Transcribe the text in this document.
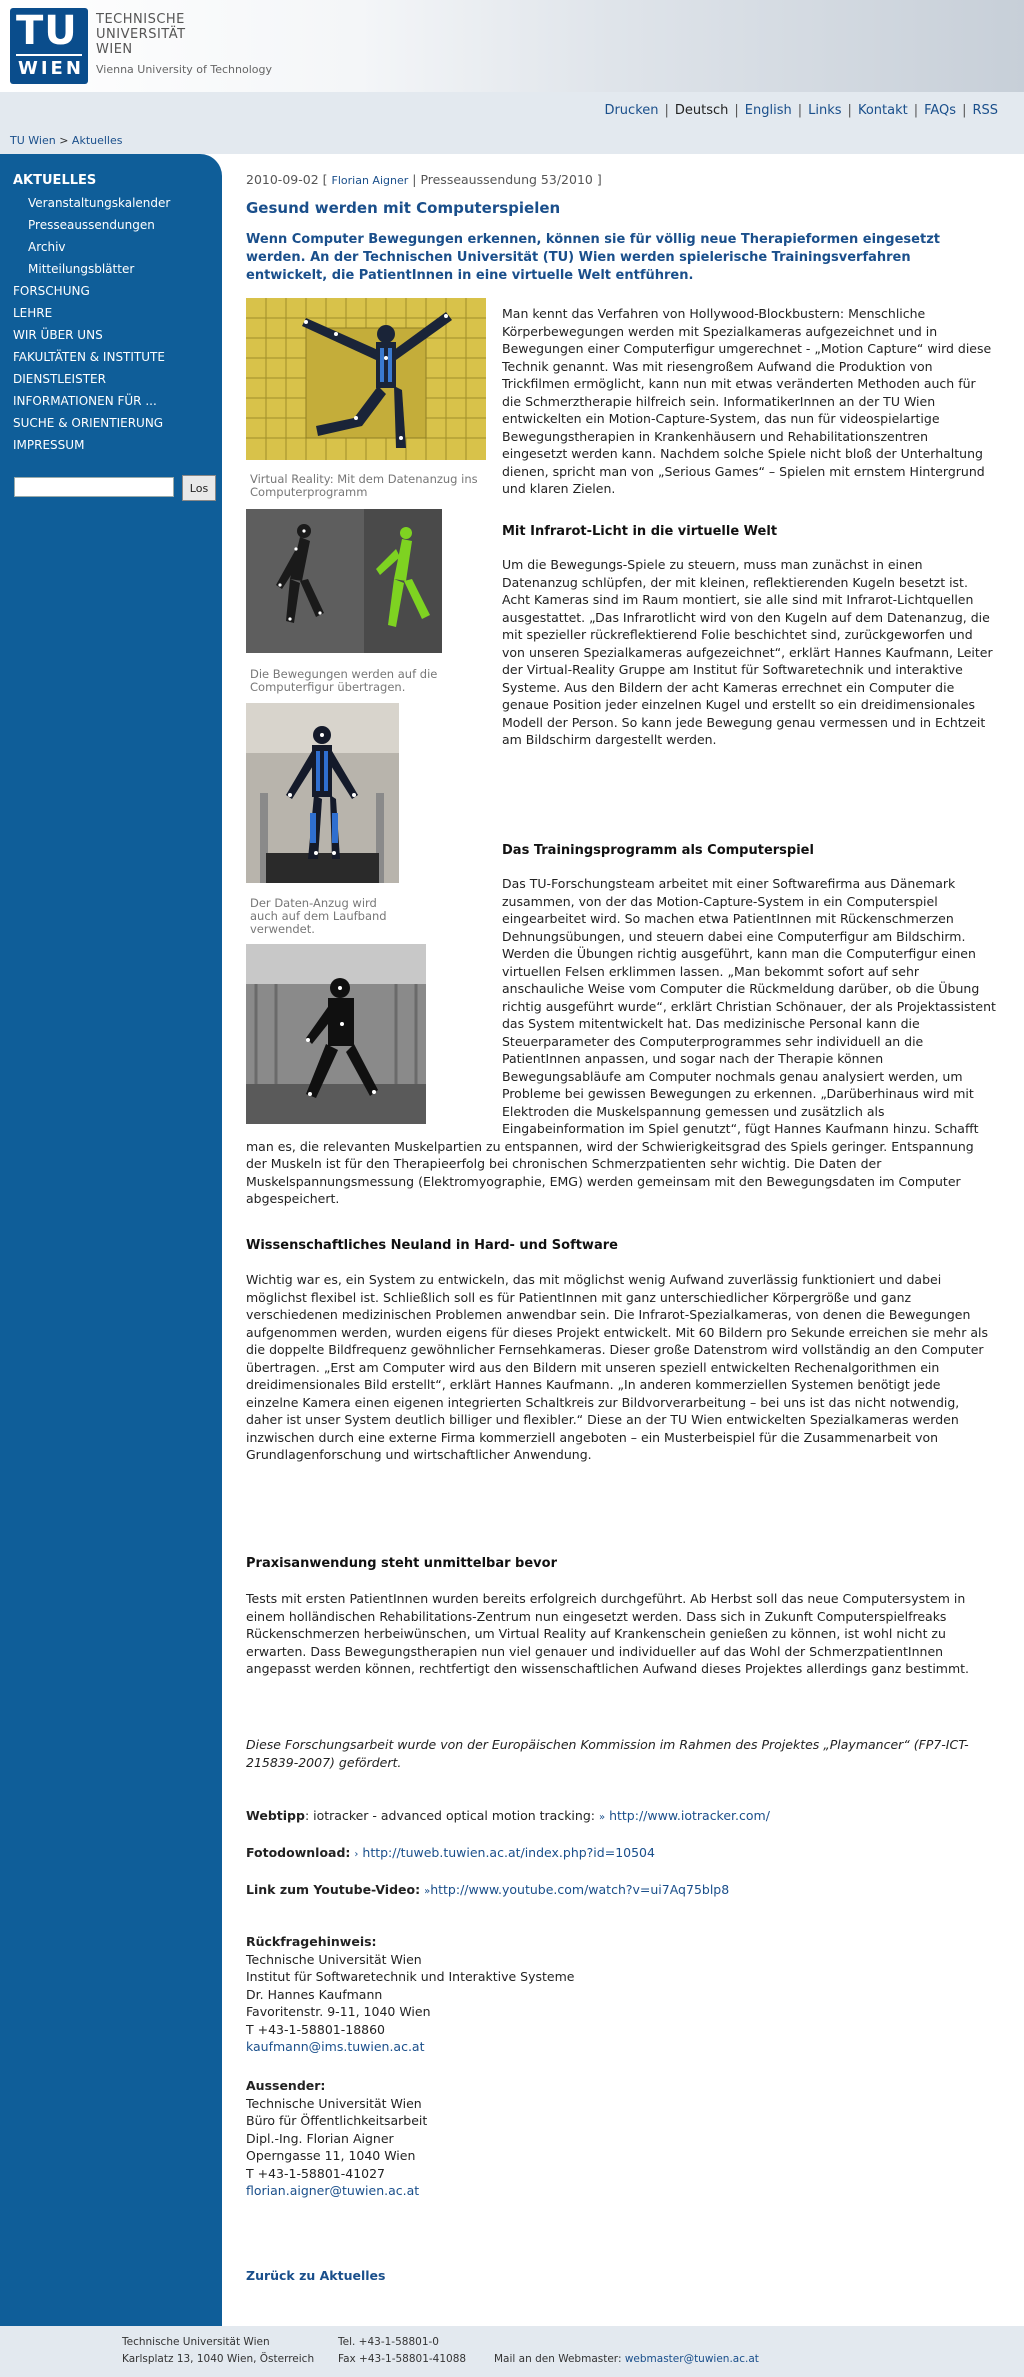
TU
WIEN
TECHNISCHE
UNIVERSITÄT
WIEN
Vienna University of Technology
Drucken | Deutsch | English | Links | Kontakt | FAQs | RSS
TU Wien > Aktuelles
AKTUELLES
Veranstaltungskalender
Presseaussendungen
Archiv
Mitteilungsblätter
FORSCHUNG
LEHRE
WIR ÜBER UNS
FAKULTÄTEN & INSTITUTE
DIENSTLEISTER
INFORMATIONEN FÜR ...
SUCHE & ORIENTIERUNG
IMPRESSUM
Los
2010-09-02 [ Florian Aigner | Presseaussendung 53/2010 ]
Gesund werden mit Computerspielen

Wenn Computer Bewegungen erkennen, können sie für völlig neue Therapieformen eingesetzt werden. An der Technischen Universität (TU) Wien werden spielerische Trainingsverfahren entwickelt, die PatientInnen in eine virtuelle Welt entführen.

Virtual Reality: Mit dem Datenanzug ins Computerprogramm
Die Bewegungen werden auf die Computerfigur übertragen.
Der Daten-Anzug wird auch auf dem Laufband verwendet.

Man kennt das Verfahren von Hollywood-Blockbustern: Menschliche Körperbewegungen werden mit Spezialkameras aufgezeichnet und in Bewegungen einer Computerfigur umgerechnet - „Motion Capture“ wird diese Technik genannt. Was mit riesengroßem Aufwand die Produktion von Trickfilmen ermöglicht, kann nun mit etwas veränderten Methoden auch für die Schmerztherapie hilfreich sein. InformatikerInnen an der TU Wien entwickelten ein Motion-Capture-System, das nun für videospielartige Bewegungstherapien in Krankenhäusern und Rehabilitationszentren eingesetzt werden kann. Nachdem solche Spiele nicht bloß der Unterhaltung dienen, spricht man von „Serious Games“ – Spielen mit ernstem Hintergrund und klaren Zielen.

Mit Infrarot-Licht in die virtuelle Welt

Um die Bewegungs-Spiele zu steuern, muss man zunächst in einen Datenanzug schlüpfen, der mit kleinen, reflektierenden Kugeln besetzt ist. Acht Kameras sind im Raum montiert, sie alle sind mit Infrarot-Lichtquellen ausgestattet. „Das Infrarotlicht wird von den Kugeln auf dem Datenanzug, die mit spezieller rückreflektierend Folie beschichtet sind, zurückgeworfen und von unseren Spezialkameras aufgezeichnet“, erklärt Hannes Kaufmann, Leiter der Virtual-Reality Gruppe am Institut für Softwaretechnik und interaktive Systeme. Aus den Bildern der acht Kameras errechnet ein Computer die genaue Position jeder einzelnen Kugel und erstellt so ein dreidimensionales Modell der Person. So kann jede Bewegung genau vermessen und in Echtzeit am Bildschirm dargestellt werden.

Das Trainingsprogramm als Computerspiel
Das TU-Forschungsteam arbeitet mit einer Softwarefirma aus Dänemark zusammen, von der das Motion-Capture-System in ein Computerspiel eingearbeitet wird. So machen etwa PatientInnen mit Rückenschmerzen Dehnungsübungen, und steuern dabei eine Computerfigur am Bildschirm. Werden die Übungen richtig ausgeführt, kann man die Computerfigur einen virtuellen Felsen erklimmen lassen. „Man bekommt sofort auf sehr anschauliche Weise vom Computer die Rückmeldung darüber, ob die Übung richtig ausgeführt wurde“, erklärt Christian Schönauer, der als Projektassistent das System mitentwickelt hat. Das medizinische Personal kann die Steuerparameter des Computerprogrammes sehr individuell an die PatientInnen anpassen, und sogar nach der Therapie können Bewegungsabläufe am Computer nochmals genau analysiert werden, um Probleme bei gewissen Bewegungen zu erkennen. „Darüberhinaus wird mit Elektroden die Muskelspannung gemessen und zusätzlich als Eingabeinformation im Spiel genutzt“, fügt Hannes Kaufmann hinzu. Schafft man es, die relevanten Muskelpartien zu entspannen, wird der Schwierigkeitsgrad des Spiels geringer. Entspannung der Muskeln ist für den Therapieerfolg bei chronischen Schmerzpatienten sehr wichtig. Die Daten der Muskelspannungsmessung (Elektromyographie, EMG) werden gemeinsam mit den Bewegungsdaten im Computer abgespeichert.
Wissenschaftliches Neuland in Hard- und Software

Wichtig war es, ein System zu entwickeln, das mit möglichst wenig Aufwand zuverlässig funktioniert und dabei möglichst flexibel ist. Schließlich soll es für PatientInnen mit ganz unterschiedlicher Körpergröße und ganz verschiedenen medizinischen Problemen anwendbar sein. Die Infrarot-Spezialkameras, von denen die Bewegungen aufgenommen werden, wurden eigens für dieses Projekt entwickelt. Mit 60 Bildern pro Sekunde erreichen sie mehr als die doppelte Bildfrequenz gewöhnlicher Fernsehkameras. Dieser große Datenstrom wird vollständig an den Computer übertragen. „Erst am Computer wird aus den Bildern mit unseren speziell entwickelten Rechenalgorithmen ein dreidimensionales Bild erstellt“, erklärt Hannes Kaufmann. „In anderen kommerziellen Systemen benötigt jede einzelne Kamera einen eigenen integrierten Schaltkreis zur Bildvorverarbeitung – bei uns ist das nicht notwendig, daher ist unser System deutlich billiger und flexibler.“ Diese an der TU Wien entwickelten Spezialkameras werden inzwischen durch eine externe Firma kommerziell angeboten – ein Musterbeispiel für die Zusammenarbeit von Grundlagenforschung und wirtschaftlicher Anwendung.

Praxisanwendung steht unmittelbar bevor

Tests mit ersten PatientInnen wurden bereits erfolgreich durchgeführt. Ab Herbst soll das neue Computersystem in einem holländischen Rehabilitations-Zentrum nun eingesetzt werden. Dass sich in Zukunft Computerspielfreaks Rückenschmerzen herbeiwünschen, um Virtual Reality auf Krankenschein genießen zu können, ist wohl nicht zu erwarten. Dass Bewegungstherapien nun viel genauer und individueller auf das Wohl der SchmerzpatientInnen angepasst werden können, rechtfertigt den wissenschaftlichen Aufwand dieses Projektes allerdings ganz bestimmt.

Diese Forschungsarbeit wurde von der Europäischen Kommission im Rahmen des Projektes „Playmancer“ (FP7-ICT-215839-2007) gefördert.

Webtipp: iotracker - advanced optical motion tracking: » http://www.iotracker.com/
Fotodownload: › http://tuweb.tuwien.ac.at/index.php?id=10504
Link zum Youtube-Video: »http://www.youtube.com/watch?v=ui7Aq75blp8
Rückfragehinweis:
Technische Universität Wien
Institut für Softwaretechnik und Interaktive Systeme
Dr. Hannes Kaufmann
Favoritenstr. 9-11, 1040 Wien
T +43-1-58801-18860
kaufmann@ims.tuwien.ac.at
Aussender:
Technische Universität Wien
Büro für Öffentlichkeitsarbeit
Dipl.-Ing. Florian Aigner
Operngasse 11, 1040 Wien
T +43-1-58801-41027
florian.aigner@tuwien.ac.at
Zurück zu Aktuelles
Technische Universität Wien
Karlsplatz 13, 1040 Wien, Österreich
Tel. +43-1-58801-0
Fax +43-1-58801-41088	Mail an den Webmaster: webmaster@tuwien.ac.at
